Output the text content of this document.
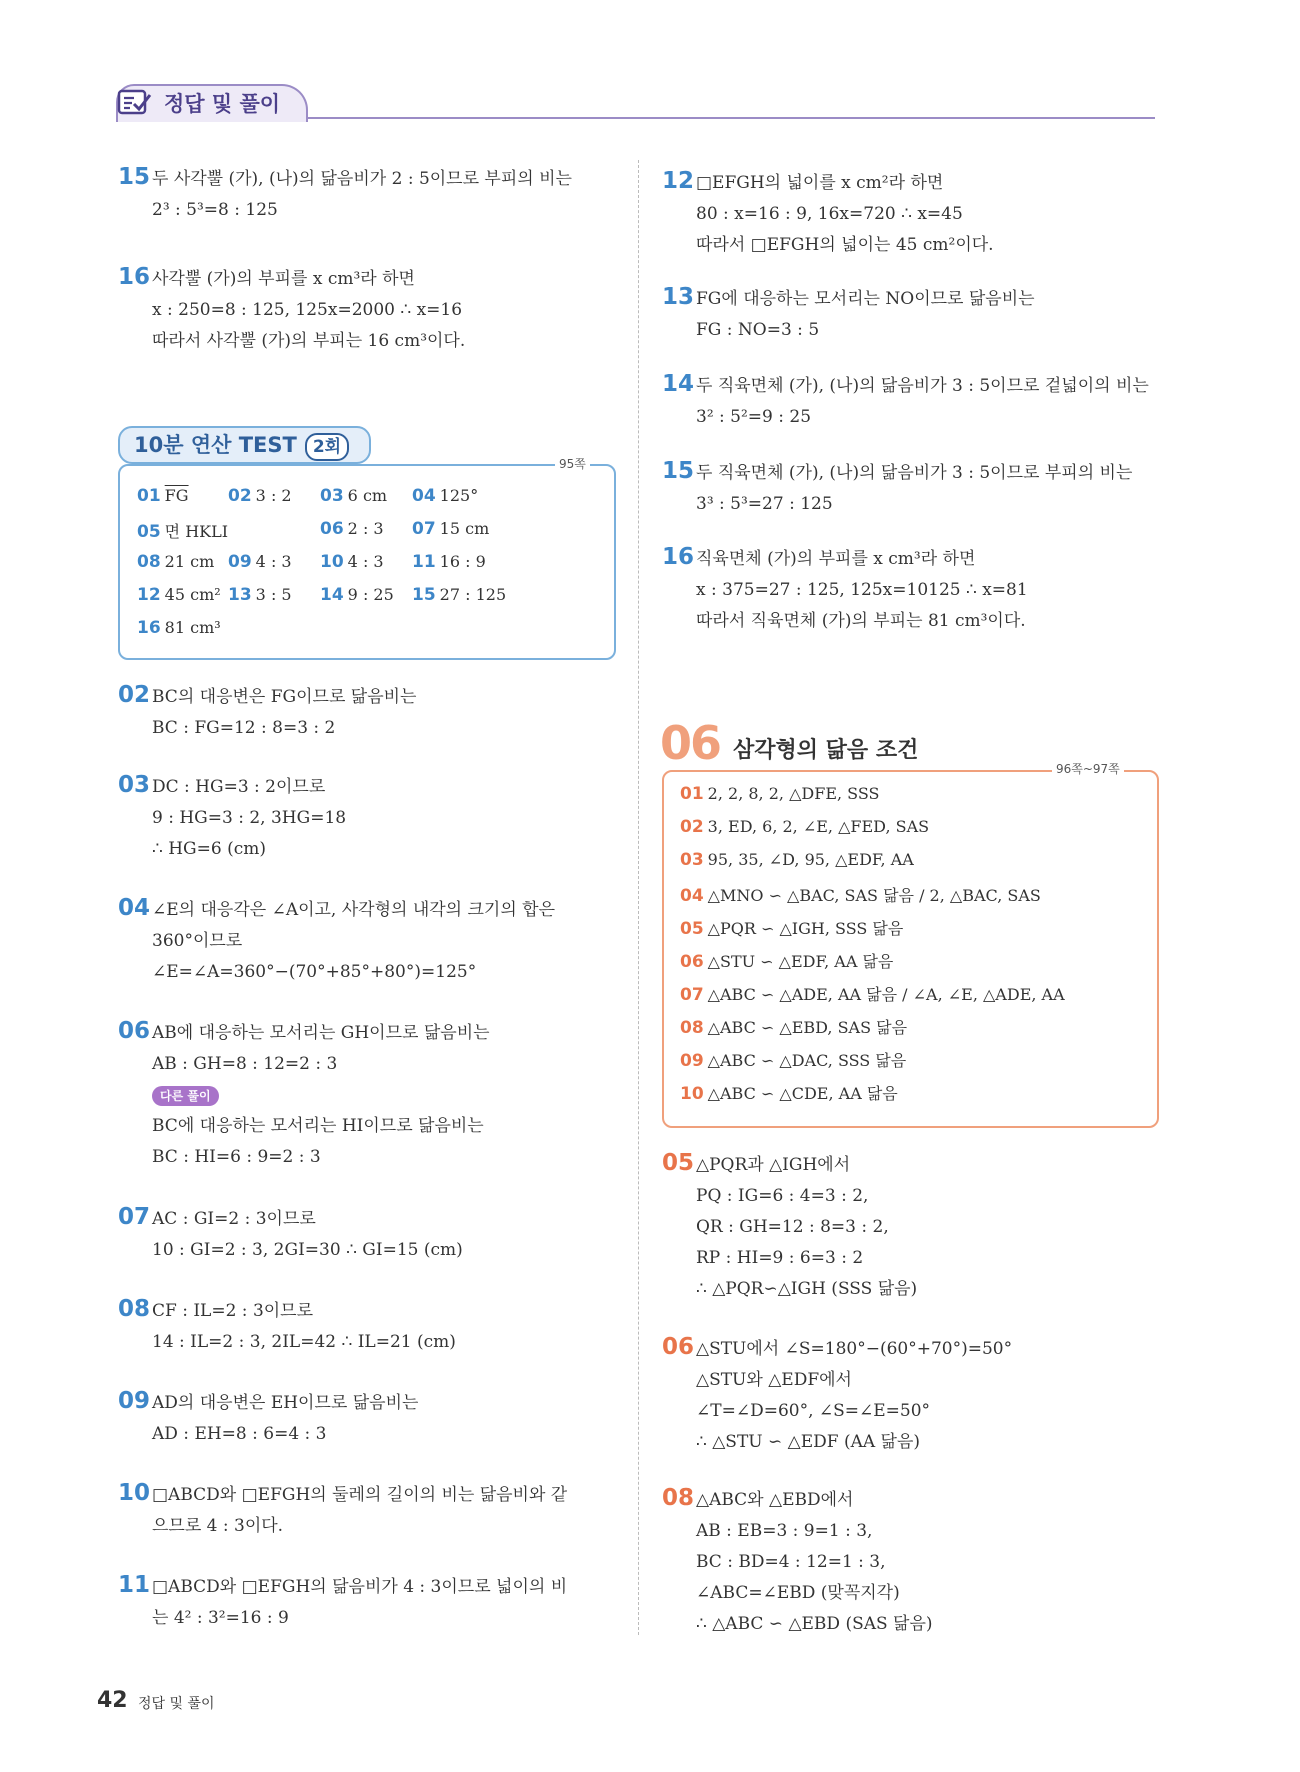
정답 및 풀이
15 두 사각뿔 (가), (나)의 닮음비가 2 : 5이므로 부피의 비는
2³ : 5³=8 : 125
16 사각뿔 (가)의 부피를 x cm³라 하면
x : 250=8 : 125, 125x=2000 ∴ x=16
따라서 사각뿔 (가)의 부피는 16 cm³이다.
10분 연산 TEST 2회
95쪽
01 $\overline{FG}$ 02 3 : 2 03 6 cm 04 125°
05 면 HKLI	06 2 : 3 07 15 cm
08 21 cm 09 4 : 3 10 4 : 3 11 16 : 9
12 45 cm² 13 3 : 5 14 9 : 25 15 27 : 125
16 81 cm³
02 BC의 대응변은 FG이므로 닮음비는
BC : FG=12 : 8=3 : 2
03 DC : HG=3 : 2이므로
9 : HG=3 : 2, 3HG=18
∴ HG=6 (cm)
04 ∠E의 대응각은 ∠A이고, 사각형의 내각의 크기의 합은
360°이므로
∠E=∠A=360°−(70°+85°+80°)=125°
06 AB에 대응하는 모서리는 GH이므로 닮음비는
AB : GH=8 : 12=2 : 3
다른 풀이
BC에 대응하는 모서리는 HI이므로 닮음비는
BC : HI=6 : 9=2 : 3
07 AC : GI=2 : 3이므로
10 : GI=2 : 3, 2GI=30 ∴ GI=15 (cm)
08 CF : IL=2 : 3이므로
14 : IL=2 : 3, 2IL=42 ∴ IL=21 (cm)
09 AD의 대응변은 EH이므로 닮음비는
AD : EH=8 : 6=4 : 3
10 □ABCD와 □EFGH의 둘레의 길이의 비는 닮음비와 같
으므로 4 : 3이다.
11 □ABCD와 □EFGH의 닮음비가 4 : 3이므로 넓이의 비
는 4² : 3²=16 : 9
12 □EFGH의 넓이를 x cm²라 하면
80 : x=16 : 9, 16x=720 ∴ x=45
따라서 □EFGH의 넓이는 45 cm²이다.
13 FG에 대응하는 모서리는 NO이므로 닮음비는
FG : NO=3 : 5
14 두 직육면체 (가), (나)의 닮음비가 3 : 5이므로 겉넓이의 비는
3² : 5²=9 : 25
15 두 직육면체 (가), (나)의 닮음비가 3 : 5이므로 부피의 비는
3³ : 5³=27 : 125
16 직육면체 (가)의 부피를 x cm³라 하면
x : 375=27 : 125, 125x=10125 ∴ x=81
따라서 직육면체 (가)의 부피는 81 cm³이다.
06 삼각형의 닮음 조건
96쪽~97쪽
01 2, 2, 8, 2, △DFE, SSS
02 3, ED, 6, 2, ∠E, △FED, SAS
03 95, 35, ∠D, 95, △EDF, AA
04 △MNO ∽ △BAC, SAS 닮음 / 2, △BAC, SAS
05 △PQR ∽ △IGH, SSS 닮음
06 △STU ∽ △EDF, AA 닮음
07 △ABC ∽ △ADE, AA 닮음 / ∠A, ∠E, △ADE, AA
08 △ABC ∽ △EBD, SAS 닮음
09 △ABC ∽ △DAC, SSS 닮음
10 △ABC ∽ △CDE, AA 닮음
05 △PQR과 △IGH에서
PQ : IG=6 : 4=3 : 2,
QR : GH=12 : 8=3 : 2,
RP : HI=9 : 6=3 : 2
∴ △PQR∽△IGH (SSS 닮음)
06 △STU에서 ∠S=180°−(60°+70°)=50°
△STU와 △EDF에서
∠T=∠D=60°, ∠S=∠E=50°
∴ △STU ∽ △EDF (AA 닮음)
08 △ABC와 △EBD에서
AB : EB=3 : 9=1 : 3,
BC : BD=4 : 12=1 : 3,
∠ABC=∠EBD (맞꼭지각)
∴ △ABC ∽ △EBD (SAS 닮음)
42 정답 및 풀이
